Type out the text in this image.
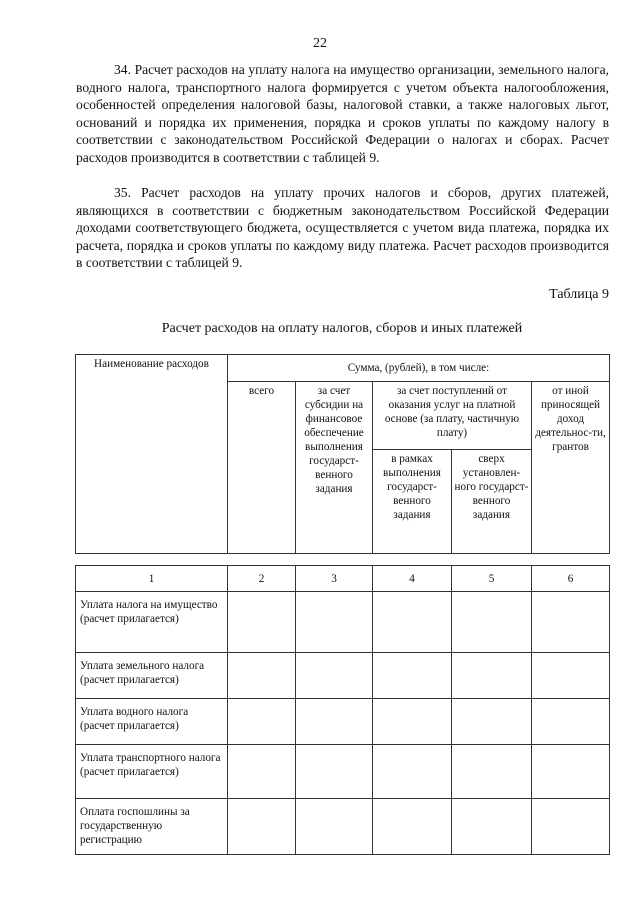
22

34. Расчет расходов на уплату налога на имущество организации, земельного налога, водного налога, транспортного налога формируется с учетом объекта налогообложения, особенностей определения налоговой базы, налоговой ставки, а также налоговых льгот, оснований и порядка их применения, порядка и сроков уплаты по каждому налогу в соответствии с законодательством Российской Федерации о налогах и сборах. Расчет расходов производится в соответствии с таблицей 9.

35. Расчет расходов на уплату прочих налогов и сборов, других платежей, являющихся в соответствии с бюджетным законодательством Российской Федерации доходами соответствующего бюджета, осуществляется с учетом вида платежа, порядка их расчета, порядка и сроков уплаты по каждому виду платежа. Расчет расходов производится в соответствии с таблицей 9.

Таблица 9
Расчет расходов на оплату налогов, сборов и иных платежей
Наименование расходов	Сумма, (рублей), в том числе:				
	всего	за счет субсидии на финансовое обеспечение выполнения государст-венного задания	за счет поступлений от оказания услуг на платной основе (за плату, частичную плату)		от иной приносящей доход деятельнос-ти, грантов
			в рамках выполнения государст-венного задания	сверх установлен-ного государст-венного задания	
1	2	3	4	5	6
Уплата налога на имущество (расчет прилагается)					
Уплата земельного налога (расчет прилагается)					
Уплата водного налога (расчет прилагается)					
Уплата транспортного налога (расчет прилагается)					
Оплата госпошлины за государственную регистрацию					
